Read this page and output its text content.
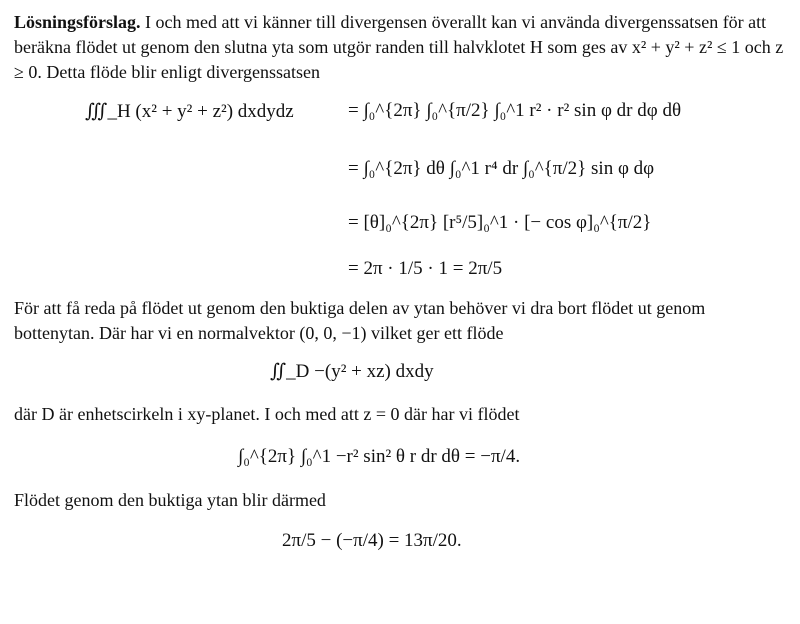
Lösningsförslag. I och med att vi känner till divergensen överallt kan vi använda divergenssatsen för att beräkna flödet ut genom den slutna yta som utgör randen till halvklotet H som ges av x² + y² + z² ≤ 1 och z ≥ 0. Detta flöde blir enligt divergenssatsen

∭_H (x² + y² + z²) dxdydz	= ∫₀^{2π} ∫₀^{π/2} ∫₀^1 r² · r² sin φ dr dφ dθ
= ∫₀^{2π} dθ ∫₀^1 r⁴ dr ∫₀^{π/2} sin φ dφ
= [θ]₀^{2π} [r⁵/5]₀^1 · [− cos φ]₀^{π/2}
= 2π · 1/5 · 1 = 2π/5

För att få reda på flödet ut genom den buktiga delen av ytan behöver vi dra bort flödet ut genom bottenytan. Där har vi en normalvektor (0, 0, −1) vilket ger ett flöde

∬_D −(y² + xz) dxdy

där D är enhetscirkeln i xy-planet. I och med att z = 0 där har vi flödet

∫₀^{2π} ∫₀^1 −r² sin² θ r dr dθ = −π/4.

Flödet genom den buktiga ytan blir därmed

2π/5 − (−π/4) = 13π/20.
